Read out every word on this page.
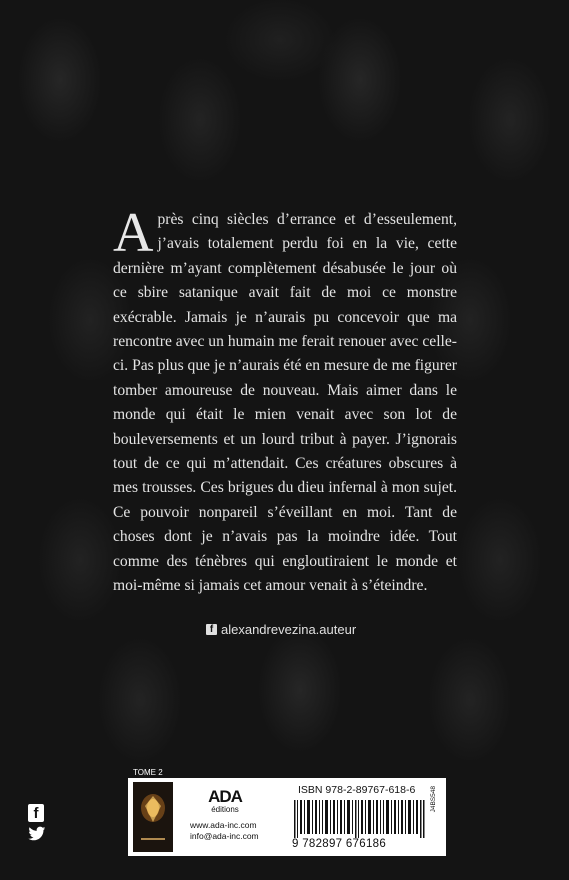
Après cinq siècles d’errance et d’esseulement, j’avais totalement perdu foi en la vie, cette dernière m’ayant complètement désabusée le jour où ce sbire satanique avait fait de moi ce monstre exécrable. Jamais je n’aurais pu concevoir que ma rencontre avec un humain me ferait renouer avec celle-ci. Pas plus que je n’aurais été en mesure de me figurer tomber amoureuse de nouveau. Mais aimer dans le monde qui était le mien venait avec son lot de bouleversements et un lourd tribut à payer. J’ignorais tout de ce qui m’attendait. Ces créatures obscures à mes trousses. Ces brigues du dieu infernal à mon sujet. Ce pouvoir nonpareil s’éveillant en moi. Tant de choses dont je n’avais pas la moindre idée. Tout comme des ténèbres qui engloutiraient le monde et moi-même si jamais cet amour venait à s’éteindre.
f alexandrevezina.auteur
f
TOME 2
ADA
éditions
www.ada-inc.com
info@ada-inc.com
ISBN 978-2-89767-618-6
9 782897 676186
J4BS548
